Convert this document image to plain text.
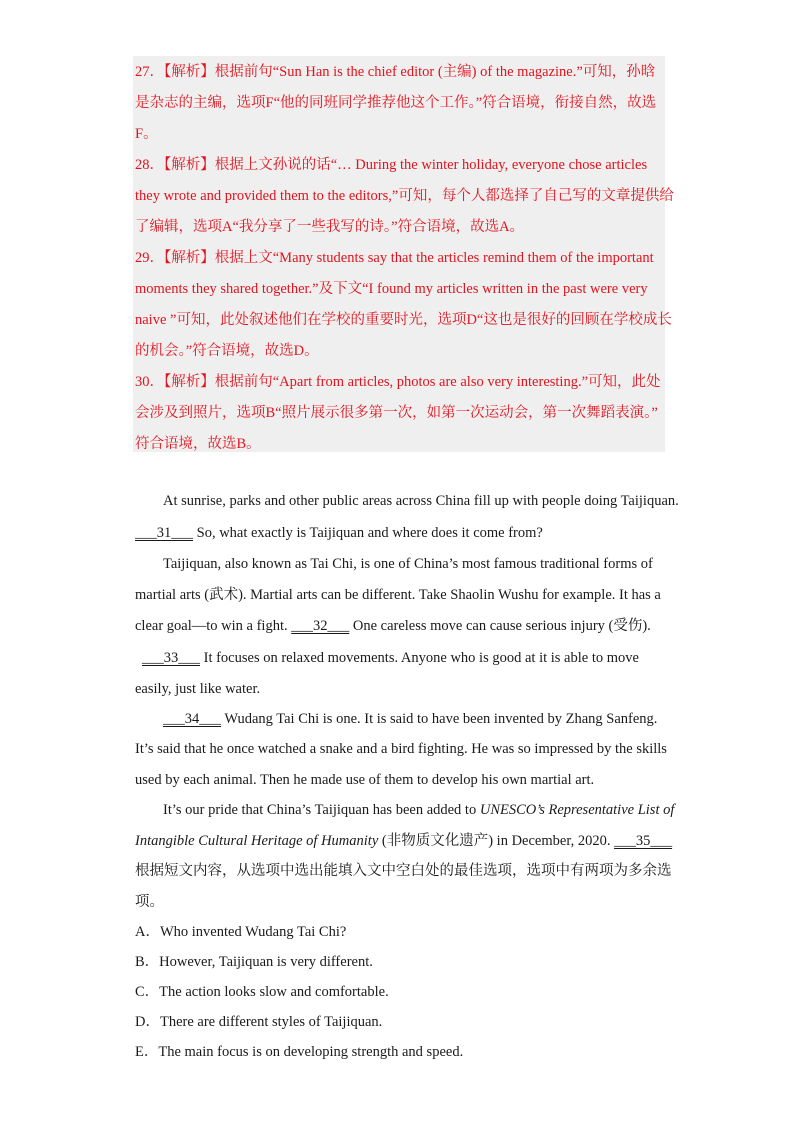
27．【解析】根据前句“Sun Han is the chief editor (主编) of the magazine.”可知，孙晗
是杂志的主编，选项F“他的同班同学推荐他这个工作。”符合语境，衔接自然，故选
F。
28．【解析】根据上文孙说的话“… During the winter holiday, everyone chose articles
they wrote and provided them to the editors,”可知，每个人都选择了自己写的文章提供给
了编辑，选项A“我分享了一些我写的诗。”符合语境，故选A。
29．【解析】根据上文“Many students say that the articles remind them of the important
moments they shared together.”及下文“I found my articles written in the past were very
naive ”可知，此处叙述他们在学校的重要时光，选项D“这也是很好的回顾在学校成长
的机会。”符合语境，故选D。
30．【解析】根据前句“Apart from articles, photos are also very interesting.”可知，此处
会涉及到照片，选项B“照片展示很多第一次，如第一次运动会，第一次舞蹈表演。”
符合语境，故选B。
At sunrise, parks and other public areas across China fill up with people doing Taijiquan.
___31___ So, what exactly is Taijiquan and where does it come from?
Taijiquan, also known as Tai Chi, is one of China’s most famous traditional forms of
martial arts (武术). Martial arts can be different. Take Shaolin Wushu for example. It has a
clear goal—to win a fight. ___32___ One careless move can cause serious injury (受伤).
___33___ It focuses on relaxed movements. Anyone who is good at it is able to move
easily, just like water.
___34___ Wudang Tai Chi is one. It is said to have been invented by Zhang Sanfeng.
It’s said that he once watched a snake and a bird fighting. He was so impressed by the skills
used by each animal. Then he made use of them to develop his own martial art.
It’s our pride that China’s Taijiquan has been added to UNESCO’s Representative List of
Intangible Cultural Heritage of Humanity (非物质文化遗产) in December, 2020. ___35___
根据短文内容，从选项中选出能填入文中空白处的最佳选项，选项中有两项为多余选
项。
A．Who invented Wudang Tai Chi?
B．However, Taijiquan is very different.
C．The action looks slow and comfortable.
D．There are different styles of Taijiquan.
E．The main focus is on developing strength and speed.
